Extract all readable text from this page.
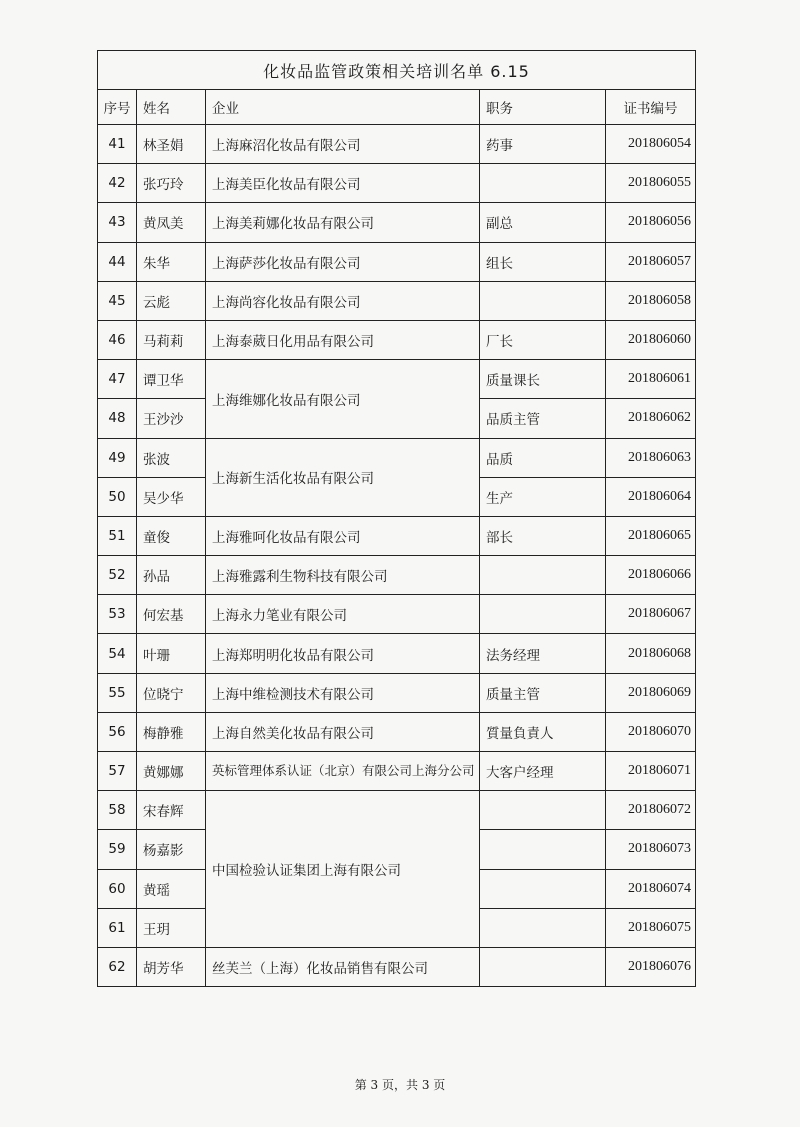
化妆品监管政策相关培训名单 6.15				
序号	姓名	企业	职务	证书编号
41	林圣娟	上海麻沼化妆品有限公司	药事	201806054
42	张巧玲	上海美臣化妆品有限公司		201806055
43	黄凤美	上海美莉娜化妆品有限公司	副总	201806056
44	朱华	上海萨莎化妆品有限公司	组长	201806057
45	云彪	上海尚容化妆品有限公司		201806058
46	马莉莉	上海泰葳日化用品有限公司	厂长	201806060
47	谭卫华	上海维娜化妆品有限公司	质量课长	201806061
48	王沙沙		品质主管	201806062
49	张波	上海新生活化妆品有限公司	品质	201806063
50	吴少华		生产	201806064
51	童俊	上海雅呵化妆品有限公司	部长	201806065
52	孙品	上海雅露利生物科技有限公司		201806066
53	何宏基	上海永力笔业有限公司		201806067
54	叶珊	上海郑明明化妆品有限公司	法务经理	201806068
55	位晓宁	上海中维检测技术有限公司	质量主管	201806069
56	梅静雅	上海自然美化妆品有限公司	質量負責人	201806070
57	黄娜娜	英标管理体系认证（北京）有限公司上海分公司	大客户经理	201806071
58	宋春辉	中国检验认证集团上海有限公司		201806072
59	杨嘉影			201806073
60	黄瑶			201806074
61	王玥			201806075
62	胡芳华	丝芙兰（上海）化妆品销售有限公司		201806076
第 3 页，共 3 页
